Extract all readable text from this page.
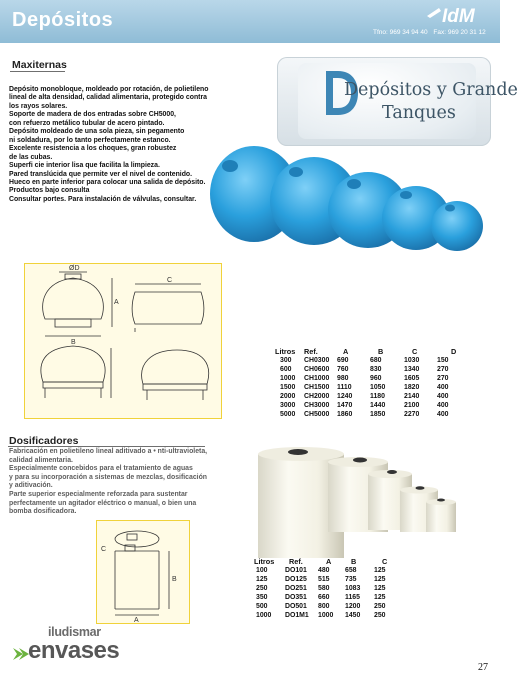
Depósitos	IdM
Tfno: 969 34 94 40 Fax: 969 20 31 12
Maxiternas
Depósito monobloque, moldeado por rotación, de polietileno
lineal de alta densidad, calidad alimentaria, protegido contra
los rayos solares.
Soporte de madera de dos entradas sobre CH5000,
con refuerzo metálico tubular de acero pintado.
Depósito moldeado de una sola pieza, sin pegamento
ni soldadura, por lo tanto perfectamente estanco.
Excelente resistencia a los choques, gran robustez
de las cubas.
Superfi cie interior lisa que facilita la limpieza.
Pared translúcida que permite ver el nivel de contenido.
Hueco en parte inferior para colocar una salida de depósito.
Productos bajo consulta
Consultar portes. Para instalación de válvulas, consultar.
Depósitos y Grande
Tanques
ØD
B
A
C
Litros	Ref.	A	B	C	D
300	CH0300	690	680	1030	150
600	CH0600	760	830	1340	270
1000	CH1000	980	960	1605	270
1500	CH1500	1110	1050	1820	400
2000	CH2000	1240	1180	2140	400
3000	CH3000	1470	1440	2100	400
5000	CH5000	1860	1850	2270	400
Dosificadores
Fabricación en polietileno lineal aditivado a • nti-ultravioleta,
calidad alimentaria.
Especialmente concebidos para el tratamiento de aguas
y para su incorporación a sistemas de mezclas, dosificación
y aditivación.
Parte superior especialmente reforzada para sustentar
perfectamente un agitador eléctrico o manual, o bien una
bomba dosificadora.
C
B
A
Litros	Ref.	A	B	C
100	DO101	480	658	125
125	DO125	515	735	125
250	DO251	580	1083	125
350	DO351	660	1165	125
500	DO501	800	1200	250
1000	DO1M1	1000	1450	250
iludismar
envases
27
